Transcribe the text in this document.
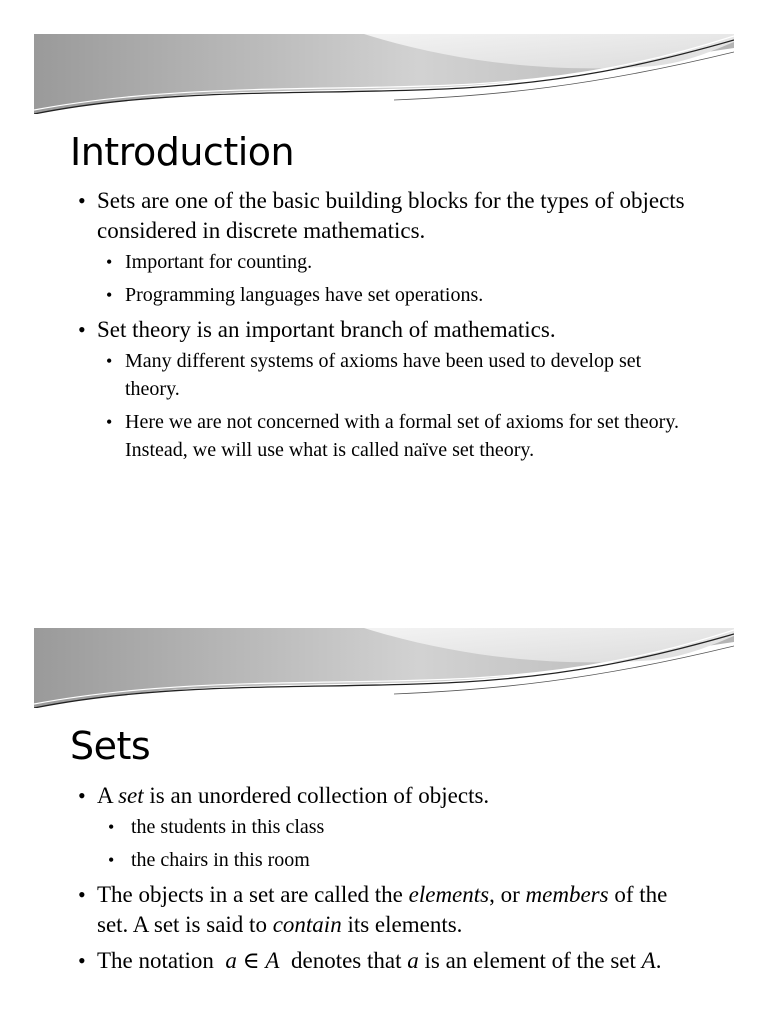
Introduction
• Sets are one of the basic building blocks for the types of objects considered in discrete mathematics.
• Important for counting.
• Programming languages have set operations.
• Set theory is an important branch of mathematics.
• Many different systems of axioms have been used to develop set theory.
• Here we are not concerned with a formal set of axioms for set theory. Instead, we will use what is called naïve set theory.
Sets
• A set is an unordered collection of objects.
• the students in this class
• the chairs in this room
• The objects in a set are called the elements, or members of the set. A set is said to contain its elements.
• The notation  a ∈ A  denotes that a is an element of the set A.
